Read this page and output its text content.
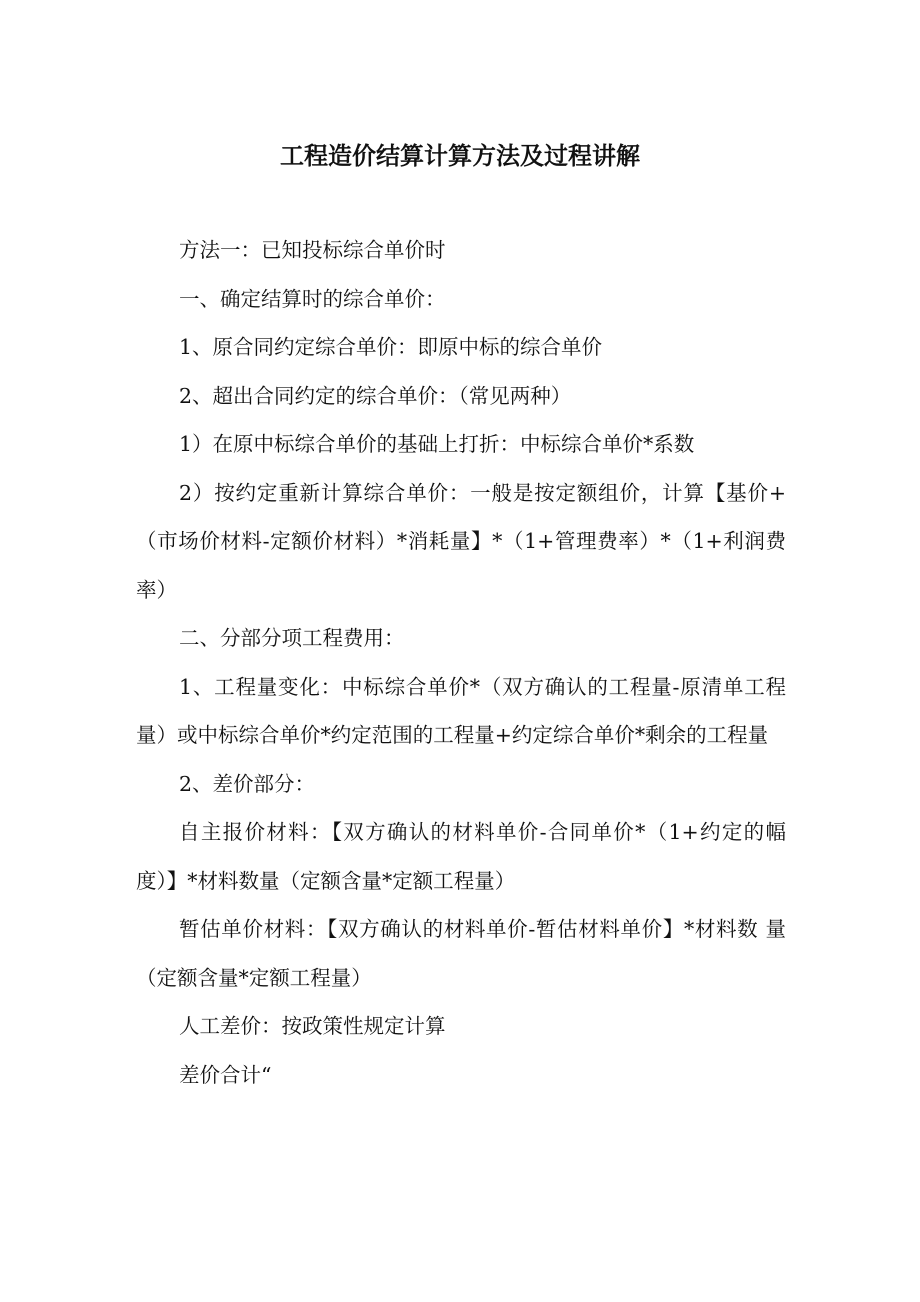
工程造价结算计算方法及过程讲解

方法一：已知投标综合单价时

一、确定结算时的综合单价：

1、原合同约定综合单价：即原中标的综合单价

2、超出合同约定的综合单价：（常见两种）

1）在原中标综合单价的基础上打折：中标综合单价*系数

2）按约定重新计算综合单价：一般是按定额组价，计算【基价+（市场价材料-定额价材料）*消耗量】*（1+管理费率）*（1+利润费率）

二、分部分项工程费用：

1、工程量变化：中标综合单价*（双方确认的工程量-原清单工程量）或中标综合单价*约定范围的工程量+约定综合单价*剩余的工程量

2、差价部分：

自主报价材料：【双方确认的材料单价-合同单价*（1+约定的幅 度）】*材料数量（定额含量*定额工程量）

暂估单价材料：【双方确认的材料单价-暂估材料单价】*材料数 量（定额含量*定额工程量）

人工差价：按政策性规定计算

差价合计“
